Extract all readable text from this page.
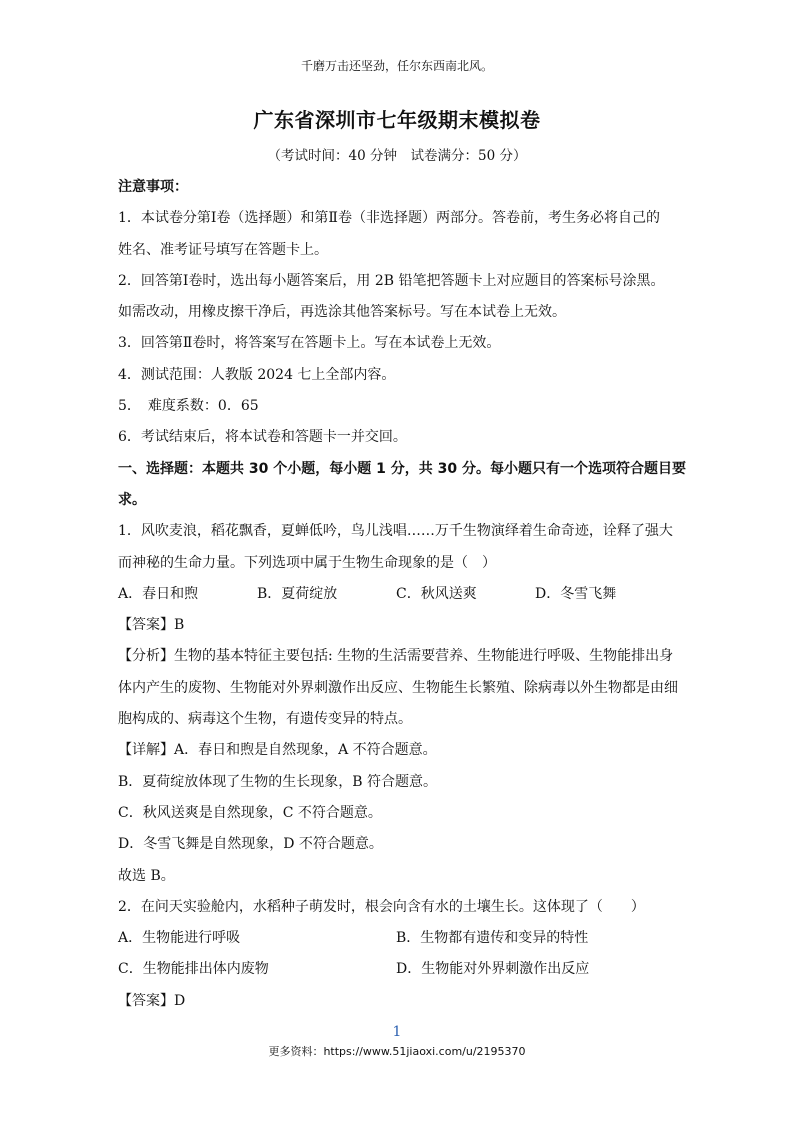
千磨万击还坚劲，任尔东西南北风。
广东省深圳市七年级期末模拟卷
（考试时间：40 分钟　试卷满分：50 分）

注意事项：

1．本试卷分第Ⅰ卷（选择题）和第Ⅱ卷（非选择题）两部分。答卷前，考生务必将自己的

姓名、准考证号填写在答题卡上。

2．回答第Ⅰ卷时，选出每小题答案后，用 2B 铅笔把答题卡上对应题目的答案标号涂黑。

如需改动，用橡皮擦干净后，再选涂其他答案标号。写在本试卷上无效。

3．回答第Ⅱ卷时，将答案写在答题卡上。写在本试卷上无效。

4．测试范围：人教版 2024 七上全部内容。

5．　难度系数：0．65

6．考试结束后，将本试卷和答题卡一并交回。

一、选择题：本题共 30 个小题，每小题 1 分，共 30 分。每小题只有一个选项符合题目要

求。

1．风吹麦浪，稻花飘香，夏蝉低吟，鸟儿浅唱……万千生物演绎着生命奇迹，诠释了强大

而神秘的生命力量。下列选项中属于生物生命现象的是（　）

A．春日和煦	B．夏荷绽放	C．秋风送爽	D．冬雪飞舞

【答案】B

【分析】生物的基本特征主要包括: 生物的生活需要营养、生物能进行呼吸、生物能排出身

体内产生的废物、生物能对外界刺激作出反应、生物能生长繁殖、除病毒以外生物都是由细

胞构成的、病毒这个生物，有遗传变异的特点。

【详解】A．春日和煦是自然现象，A 不符合题意。

B．夏荷绽放体现了生物的生长现象，B 符合题意。

C．秋风送爽是自然现象，C 不符合题意。

D．冬雪飞舞是自然现象，D 不符合题意。

故选 B。

2．在问天实验舱内，水稻种子萌发时，根会向含有水的土壤生长。这体现了（　　）

A．生物能进行呼吸	B．生物都有遗传和变异的特性

C．生物能排出体内废物	D．生物能对外界刺激作出反应

【答案】D

1
更多资料：https://www.51jiaoxi.com/u/2195370
